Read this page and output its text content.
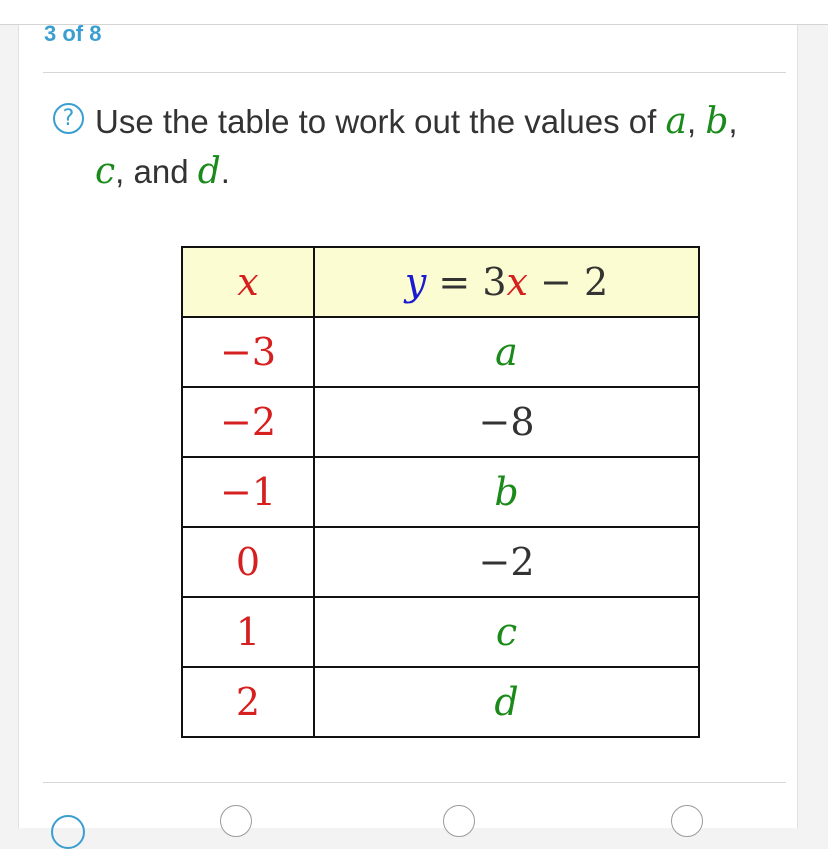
3 of 8
? Use the table to work out the values of a, b,
c, and d.
x	y = 3x − 2
−3	a
−2	−8
−1	b
0	−2
1	c
2	d
